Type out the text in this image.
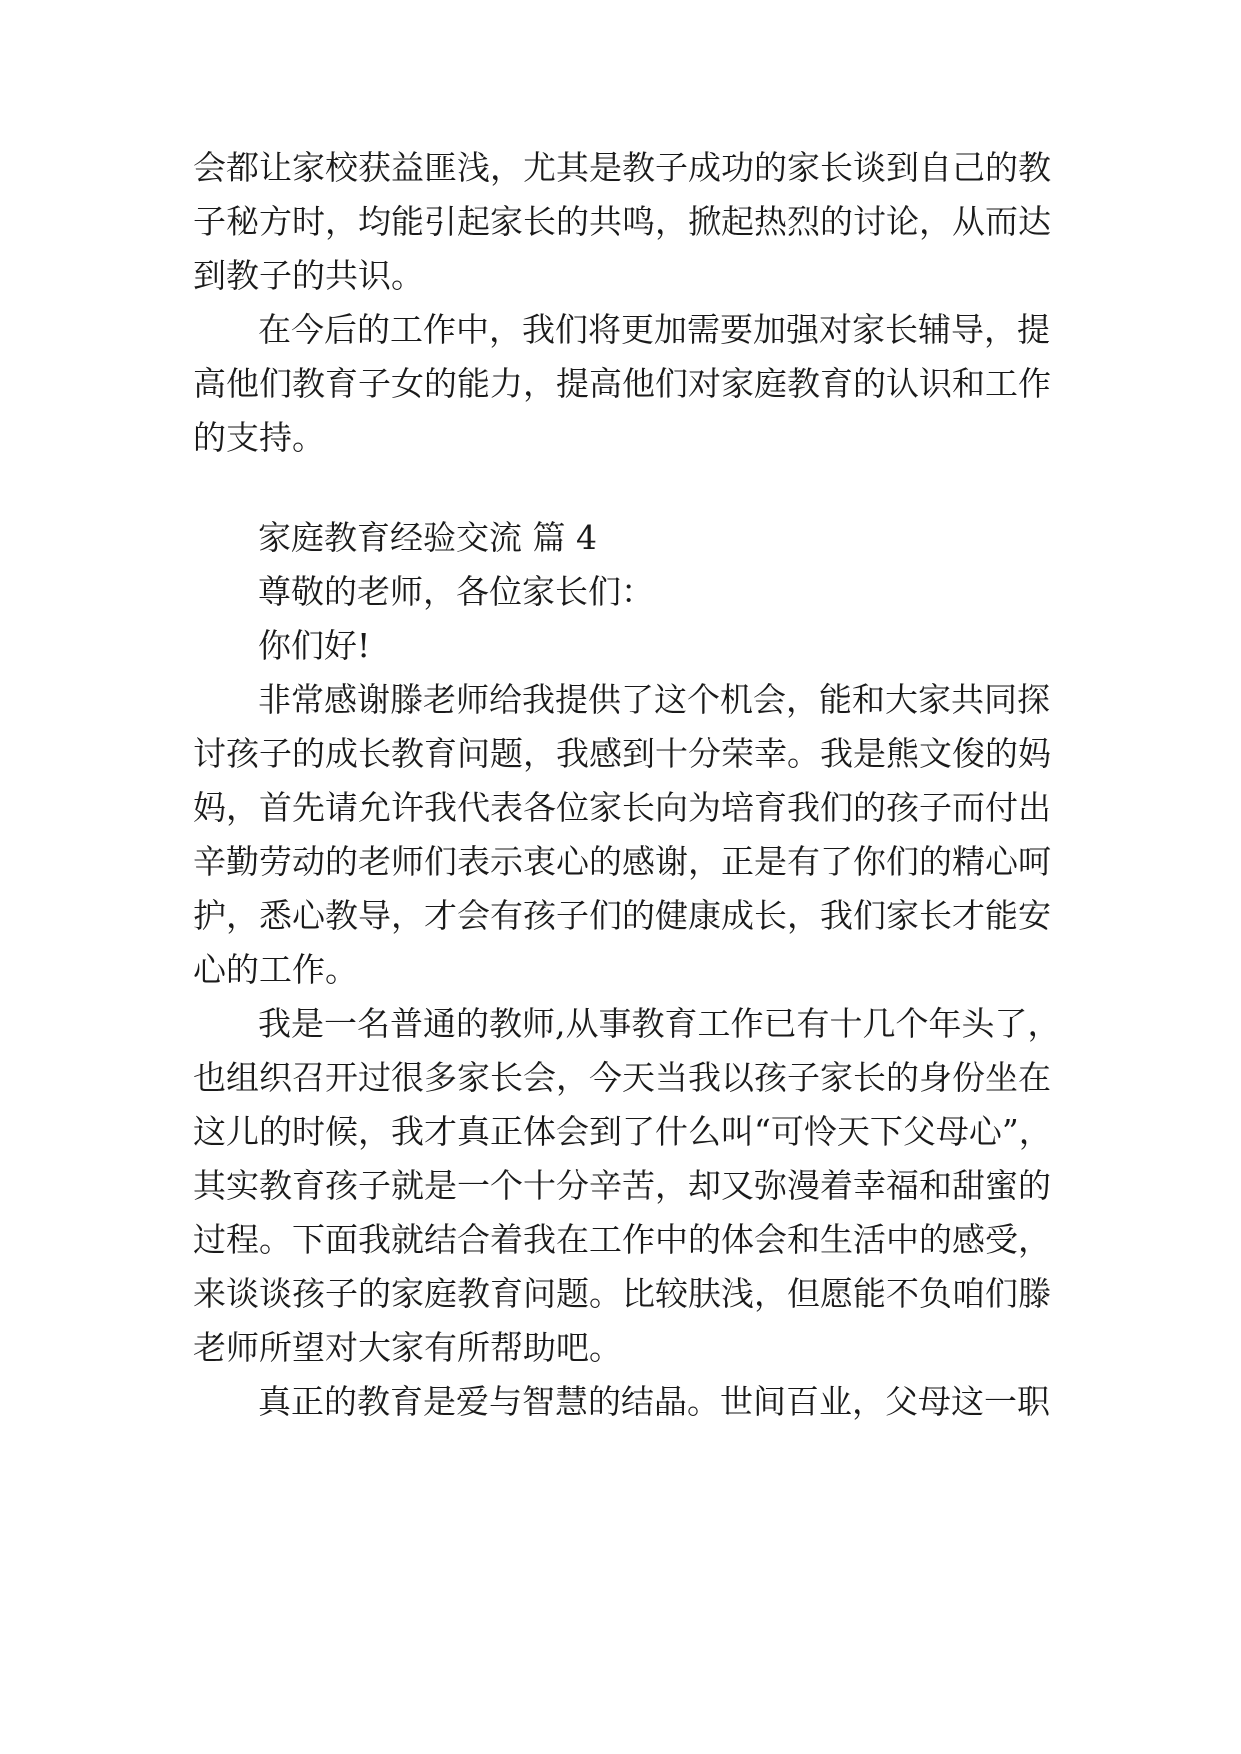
会都让家校获益匪浅，尤其是教子成功的家长谈到自己的教
子秘方时，均能引起家长的共鸣，掀起热烈的讨论，从而达
到教子的共识。
在今后的工作中，我们将更加需要加强对家长辅导，提
高他们教育子女的能力，提高他们对家庭教育的认识和工作
的支持。
家庭教育经验交流 篇 4
尊敬的老师，各位家长们：
你们好!
非常感谢滕老师给我提供了这个机会，能和大家共同探
讨孩子的成长教育问题，我感到十分荣幸。我是熊文俊的妈
妈，首先请允许我代表各位家长向为培育我们的孩子而付出
辛勤劳动的老师们表示衷心的感谢，正是有了你们的精心呵
护，悉心教导，才会有孩子们的健康成长，我们家长才能安
心的工作。
我是一名普通的教师,从事教育工作已有十几个年头了，
也组织召开过很多家长会，今天当我以孩子家长的身份坐在
这儿的时候，我才真正体会到了什么叫“可怜天下父母心”，
其实教育孩子就是一个十分辛苦，却又弥漫着幸福和甜蜜的
过程。下面我就结合着我在工作中的体会和生活中的感受，
来谈谈孩子的家庭教育问题。比较肤浅，但愿能不负咱们滕
老师所望对大家有所帮助吧。
真正的教育是爱与智慧的结晶。世间百业，父母这一职
